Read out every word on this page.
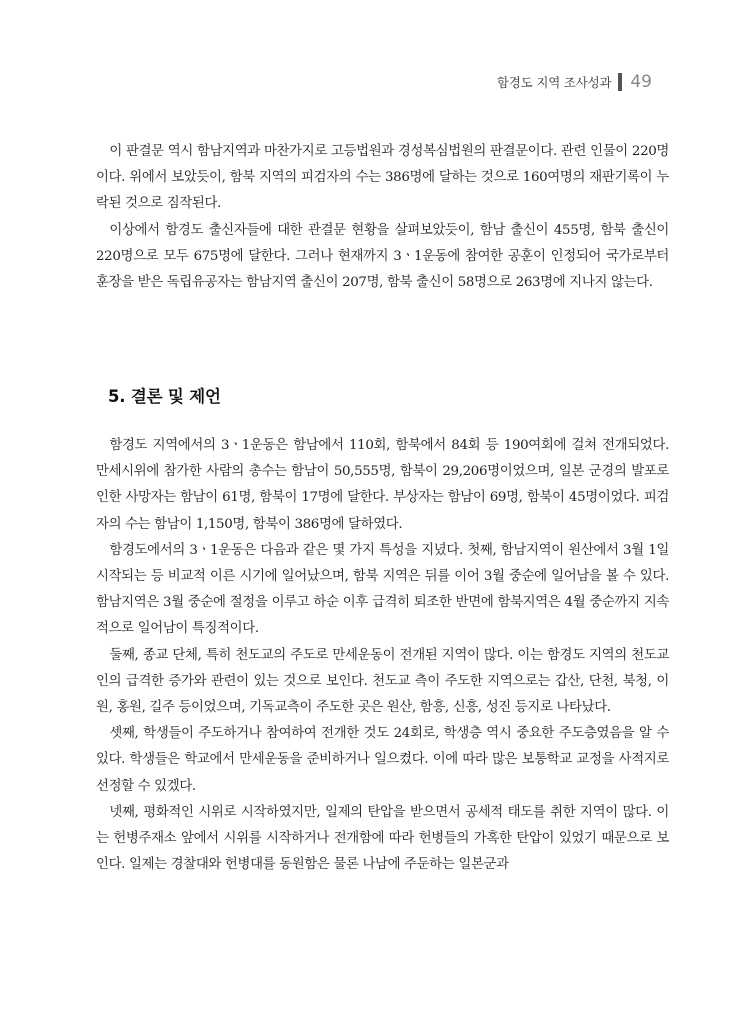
함경도 지역 조사성과 49

이 판결문 역시 함남지역과 마찬가지로 고등법원과 경성복심법원의 판결문이다. 관련 인물이 220명이다. 위에서 보았듯이, 함북 지역의 피검자의 수는 386명에 달하는 것으로 160여명의 재판기록이 누락된 것으로 짐작된다.

이상에서 함경도 출신자들에 대한 관결문 현황을 살펴보았듯이, 함남 출신이 455명, 함북 출신이 220명으로 모두 675명에 달한다. 그러나 현재까지 3ㆍ1운동에 참여한 공훈이 인정되어 국가로부터 훈장을 받은 독립유공자는 함남지역 출신이 207명, 함북 출신이 58명으로 263명에 지나지 않는다.

5. 결론 및 제언

함경도 지역에서의 3ㆍ1운동은 함남에서 110회, 함북에서 84회 등 190여회에 걸쳐 전개되었다. 만세시위에 참가한 사람의 총수는 함남이 50,555명, 함북이 29,206명이었으며, 일본 군경의 발포로 인한 사망자는 함남이 61명, 함북이 17명에 달한다. 부상자는 함남이 69명, 함북이 45명이었다. 피검자의 수는 함남이 1,150명, 함북이 386명에 달하였다.

함경도에서의 3ㆍ1운동은 다음과 같은 몇 가지 특성을 지녔다. 첫째, 함남지역이 원산에서 3월 1일 시작되는 등 비교적 이른 시기에 일어났으며, 함북 지역은 뒤를 이어 3월 중순에 일어남을 볼 수 있다. 함남지역은 3월 중순에 절정을 이루고 하순 이후 급격히 퇴조한 반면에 함북지역은 4월 중순까지 지속적으로 일어남이 특징적이다.

둘째, 종교 단체, 특히 천도교의 주도로 만세운동이 전개된 지역이 많다. 이는 함경도 지역의 천도교인의 급격한 증가와 관련이 있는 것으로 보인다. 천도교 측이 주도한 지역으로는 갑산, 단천, 북청, 이원, 홍원, 길주 등이었으며, 기독교측이 주도한 곳은 원산, 함흥, 신흥, 성진 등지로 나타났다.

셋째, 학생들이 주도하거나 참여하여 전개한 것도 24회로, 학생층 역시 중요한 주도층였음을 알 수 있다. 학생들은 학교에서 만세운동을 준비하거나 일으켰다. 이에 따라 많은 보통학교 교정을 사적지로 선정할 수 있겠다.

넷째, 평화적인 시위로 시작하였지만, 일제의 탄압을 받으면서 공세적 태도를 취한 지역이 많다. 이는 헌병주재소 앞에서 시위를 시작하거나 전개함에 따라 헌병들의 가혹한 탄압이 있었기 때문으로 보인다. 일제는 경찰대와 헌병대를 동원함은 물론 나남에 주둔하는 일본군과
